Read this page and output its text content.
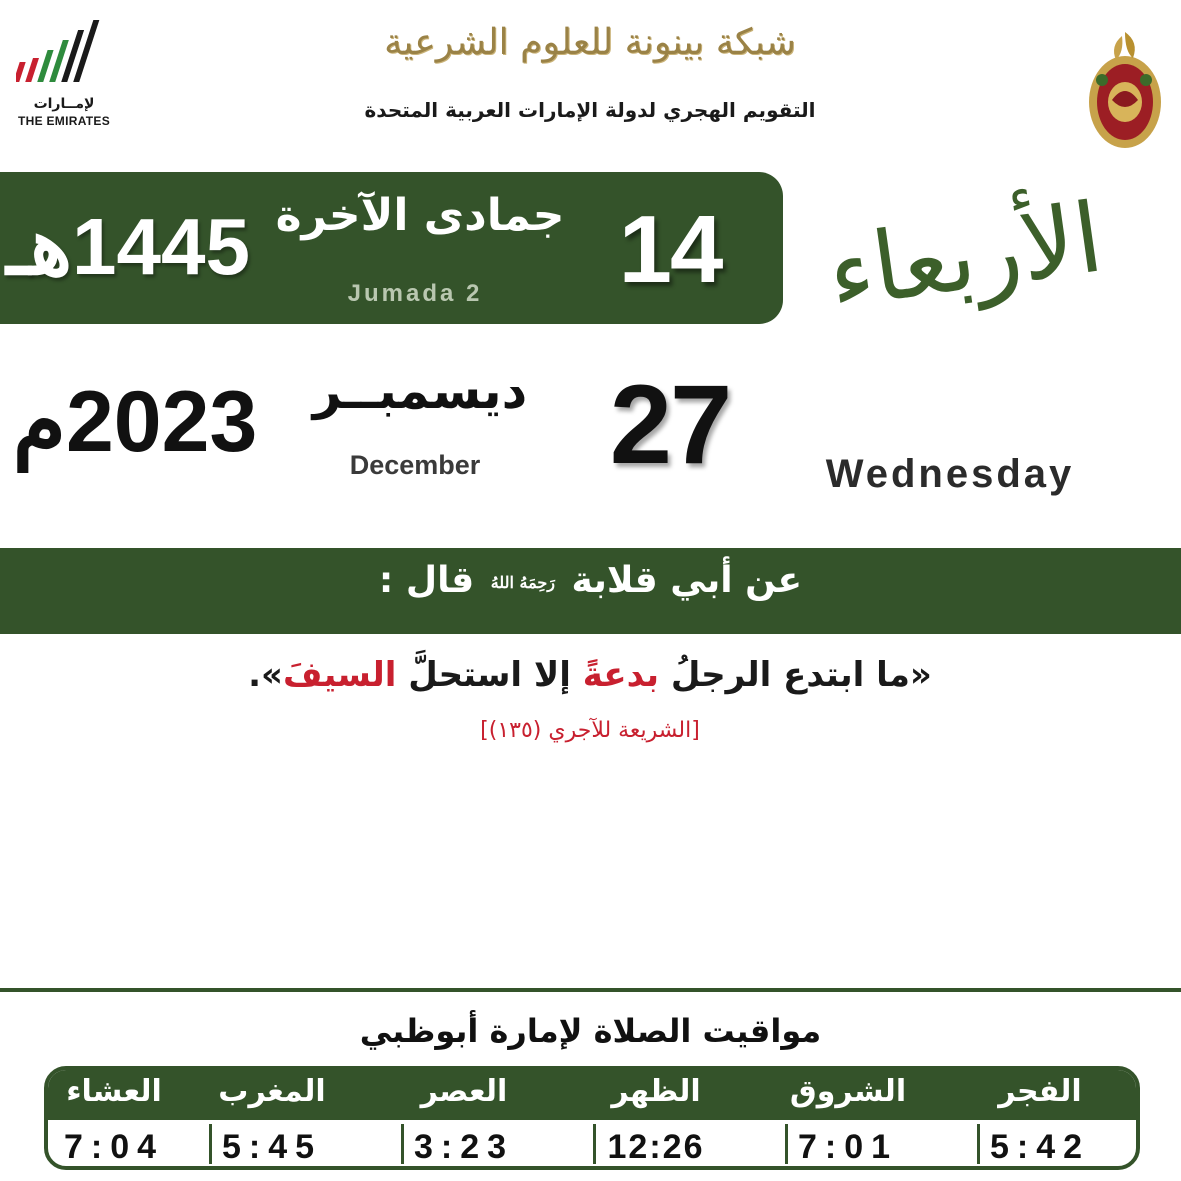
لإمــارات
THE EMIRATES
شبكة بينونة للعلوم الشرعية
التقويم الهجري لدولة الإمارات العربية المتحدة
14
جمادى الآخرة
Jumada 2
1445هـ	الأربعاء
Wednesday
27
ديسمبــر
December
2023م
عن أبي قلابة رَحِمَهُ اللهُ قال :
«ما ابتدع الرجلُ بدعةً إلا استحلَّ السيفَ».
[الشريعة للآجري (١٣٥)]
مواقيت الصلاة لإمارة أبوظبي
الفجر
الشروق
الظهر
العصر
المغرب
العشاء
5:42
7:01
12:26
3:23
5:45
7:04
